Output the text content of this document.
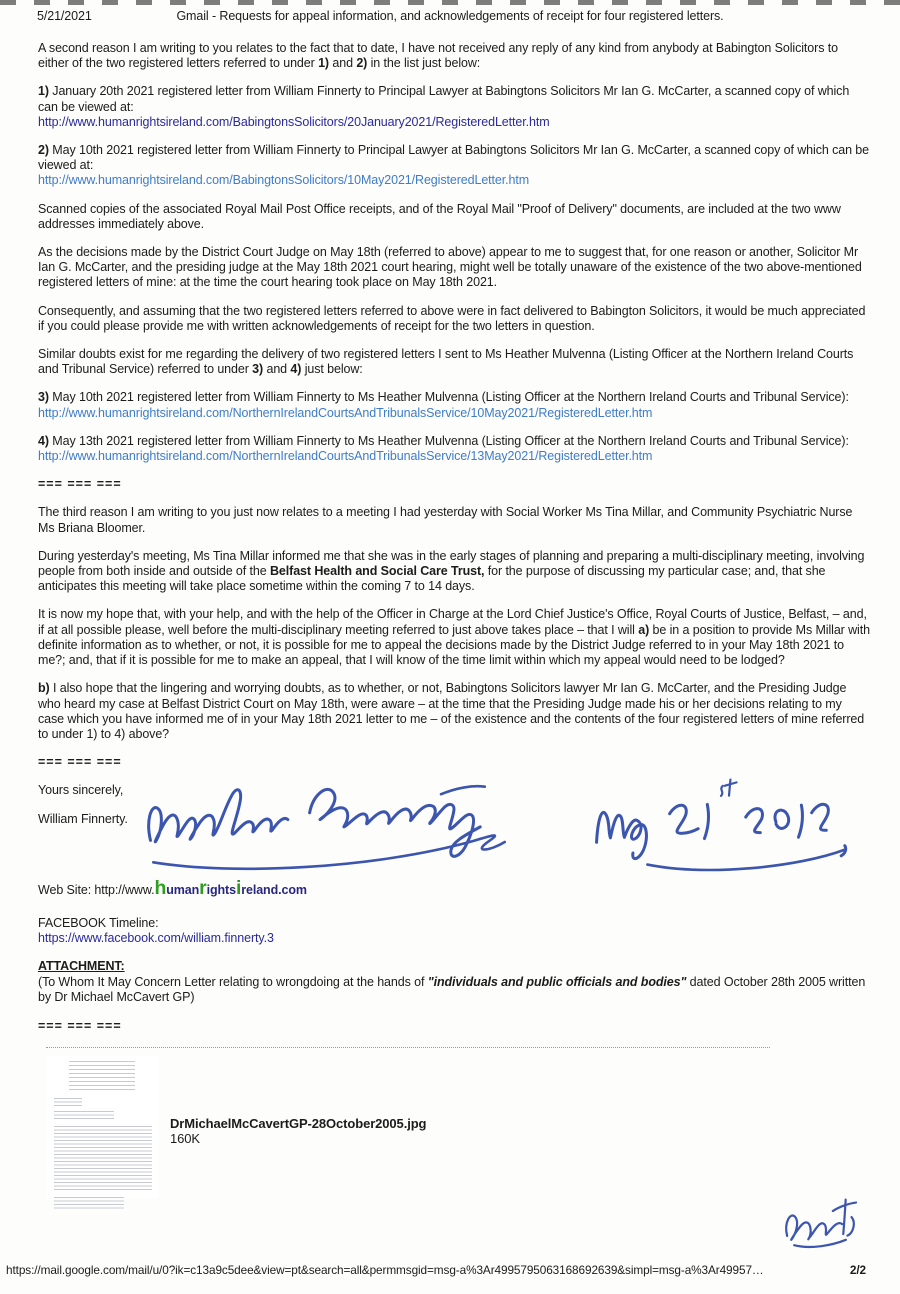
5/21/2021	Gmail - Requests for appeal information, and acknowledgements of receipt for four registered letters.

A second reason I am writing to you relates to the fact that to date, I have not received any reply of any kind from anybody at Babington Solicitors to either of the two registered letters referred to under 1) and 2) in the list just below:

1) January 20th 2021 registered letter from William Finnerty to Principal Lawyer at Babingtons Solicitors Mr Ian G. McCarter, a scanned copy of which can be viewed at:
http://www.humanrightsireland.com/BabingtonsSolicitors/20January2021/RegisteredLetter.htm

2) May 10th 2021 registered letter from William Finnerty to Principal Lawyer at Babingtons Solicitors Mr Ian G. McCarter, a scanned copy of which can be viewed at:
http://www.humanrightsireland.com/BabingtonsSolicitors/10May2021/RegisteredLetter.htm

Scanned copies of the associated Royal Mail Post Office receipts, and of the Royal Mail "Proof of Delivery" documents, are included at the two www addresses immediately above.

As the decisions made by the District Court Judge on May 18th (referred to above) appear to me to suggest that, for one reason or another, Solicitor Mr Ian G. McCarter, and the presiding judge at the May 18th 2021 court hearing, might well be totally unaware of the existence of the two above-mentioned registered letters of mine: at the time the court hearing took place on May 18th 2021.

Consequently, and assuming that the two registered letters referred to above were in fact delivered to Babington Solicitors, it would be much appreciated if you could please provide me with written acknowledgements of receipt for the two letters in question.

Similar doubts exist for me regarding the delivery of two registered letters I sent to Ms Heather Mulvenna (Listing Officer at the Northern Ireland Courts and Tribunal Service) referred to under 3) and 4) just below:

3) May 10th 2021 registered letter from William Finnerty to Ms Heather Mulvenna (Listing Officer at the Northern Ireland Courts and Tribunal Service):
http://www.humanrightsireland.com/NorthernIrelandCourtsAndTribunalsService/10May2021/RegisteredLetter.htm

4) May 13th 2021 registered letter from William Finnerty to Ms Heather Mulvenna (Listing Officer at the Northern Ireland Courts and Tribunal Service):
http://www.humanrightsireland.com/NorthernIrelandCourtsAndTribunalsService/13May2021/RegisteredLetter.htm

=== === ===

The third reason I am writing to you just now relates to a meeting I had yesterday with Social Worker Ms Tina Millar, and Community Psychiatric Nurse Ms Briana Bloomer.

During yesterday's meeting, Ms Tina Millar informed me that she was in the early stages of planning and preparing a multi-disciplinary meeting, involving people from both inside and outside of the Belfast Health and Social Care Trust, for the purpose of discussing my particular case; and, that she anticipates this meeting will take place sometime within the coming 7 to 14 days.

It is now my hope that, with your help, and with the help of the Officer in Charge at the Lord Chief Justice's Office, Royal Courts of Justice, Belfast, – and, if at all possible please, well before the multi-disciplinary meeting referred to just above takes place – that I will a) be in a position to provide Ms Millar with definite information as to whether, or not, it is possible for me to appeal the decisions made by the District Judge referred to in your May 18th 2021 to me?; and, that if it is possible for me to make an appeal, that I will know of the time limit within which my appeal would need to be lodged?

b) I also hope that the lingering and worrying doubts, as to whether, or not, Babingtons Solicitors lawyer Mr Ian G. McCarter, and the Presiding Judge who heard my case at Belfast District Court on May 18th, were aware – at the time that the Presiding Judge made his or her decisions relating to my case which you have informed me of in your May 18th 2021 letter to me – of the existence and the contents of the four registered letters of mine referred to under 1) to 4) above?

=== === ===

Yours sincerely,
William Finnerty.

Web Site: http://www.humanrightsireland.com

FACEBOOK Timeline:

https://www.facebook.com/william.finnerty.3

ATTACHMENT:

(To Whom It May Concern Letter relating to wrongdoing at the hands of "individuals and public officials and bodies" dated October 28th 2005 written by Dr Michael McCavert GP)

=== === ===

DrMichaelMcCavertGP-28October2005.jpg
160K
https://mail.google.com/mail/u/0?ik=c13a9c5dee&view=pt&search=all&permmsgid=msg-a%3Ar4995795063168692639&simpl=msg-a%3Ar49957…	2/2
